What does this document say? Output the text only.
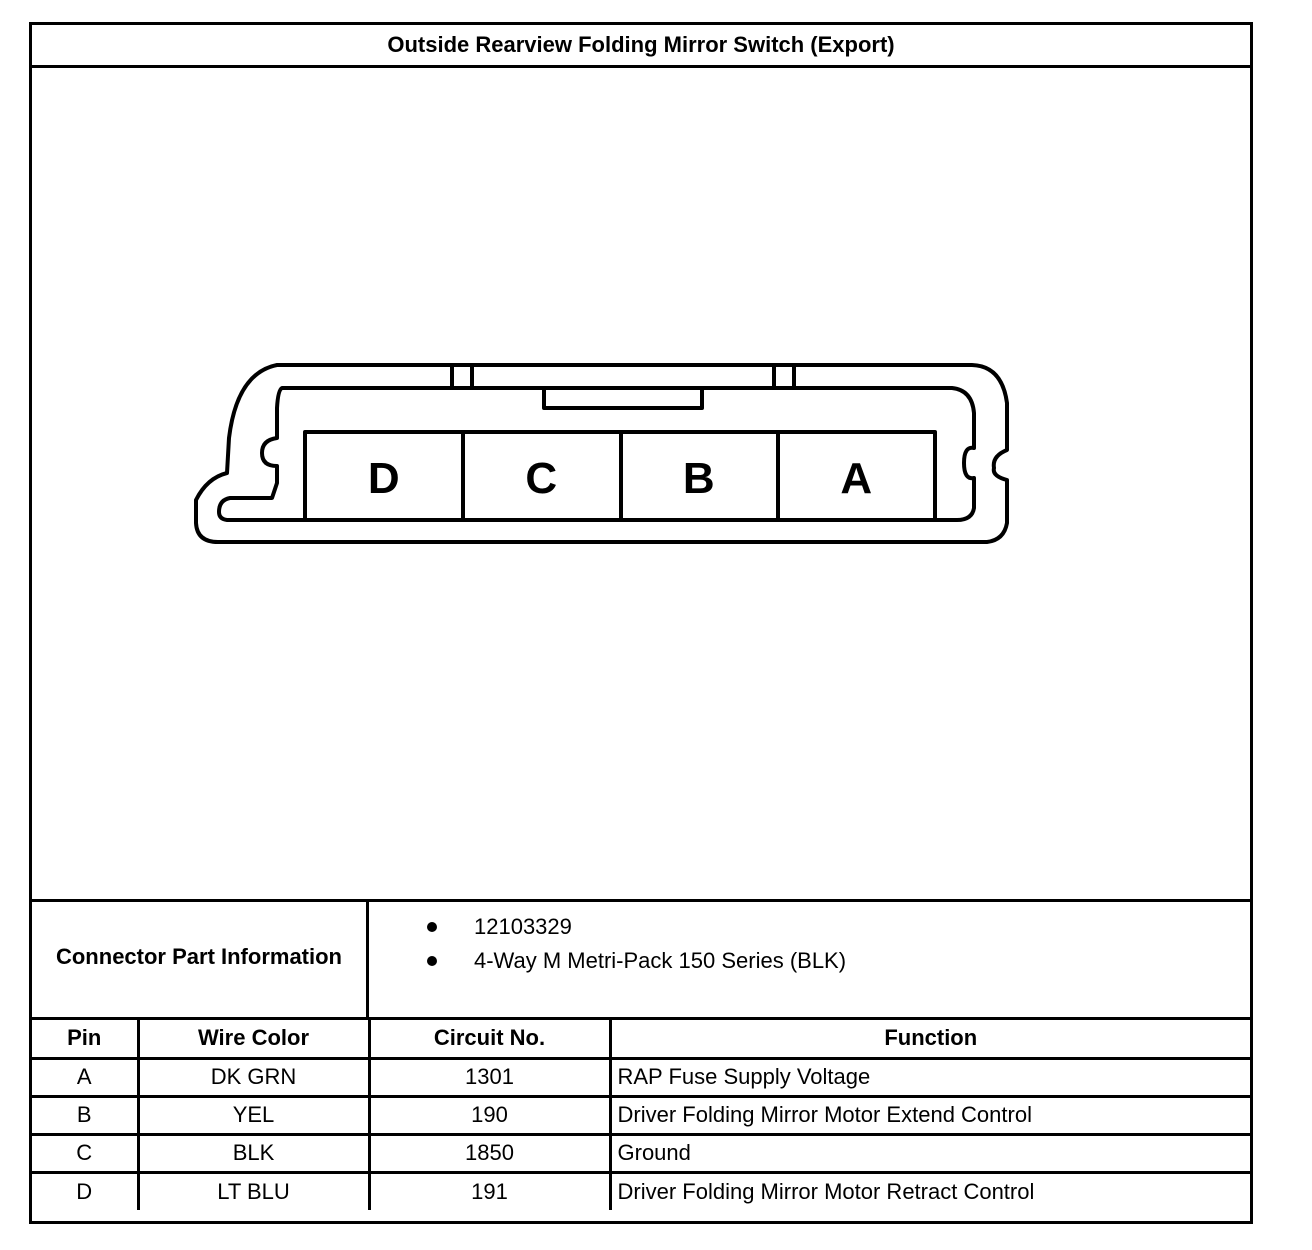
Outside Rearview Folding Mirror Switch (Export)
D	C	B	A
Connector Part Information
12103329
4-Way M Metri-Pack 150 Series (BLK)
Pin	Wire Color	Circuit No.	Function
A	DK GRN	1301	RAP Fuse Supply Voltage
B	YEL	190	Driver Folding Mirror Motor Extend Control
C	BLK	1850	Ground
D	LT BLU	191	Driver Folding Mirror Motor Retract Control
